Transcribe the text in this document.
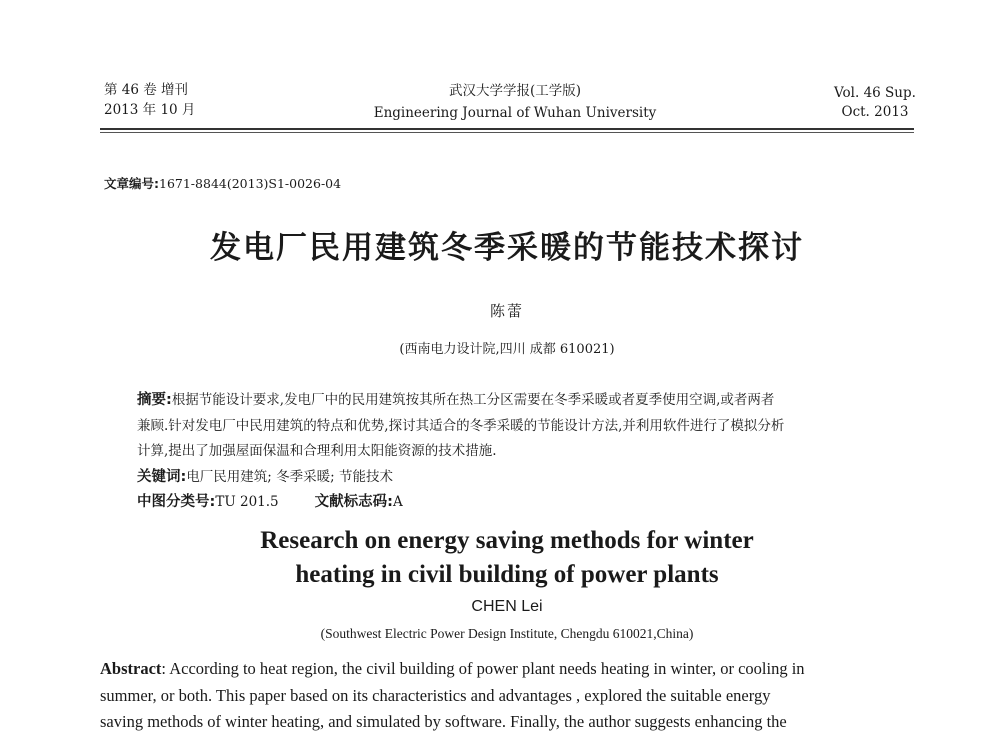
第 46 卷 增刊
2013 年 10 月
武汉大学学报(工学版)
Engineering Journal of Wuhan University
Vol. 46 Sup.
Oct. 2013
文章编号:1671-8844(2013)S1-0026-04
发电厂民用建筑冬季采暖的节能技术探讨
陈蕾
(西南电力设计院,四川 成都 610021)
摘要:根据节能设计要求,发电厂中的民用建筑按其所在热工分区需要在冬季采暖或者夏季使用空调,或者两者
兼顾.针对发电厂中民用建筑的特点和优势,探讨其适合的冬季采暖的节能设计方法,并利用软件进行了模拟分析
计算,提出了加强屋面保温和合理利用太阳能资源的技术措施.
关键词:电厂民用建筑; 冬季采暖; 节能技术
中图分类号:TU 201.5 文献标志码:A
Research on energy saving methods for winter
heating in civil building of power plants
CHEN Lei
(Southwest Electric Power Design Institute, Chengdu 610021,China)
Abstract: According to heat region, the civil building of power plant needs heating in winter, or cooling in
summer, or both. This paper based on its characteristics and advantages , explored the suitable energy
saving methods of winter heating, and simulated by software. Finally, the author suggests enhancing the
